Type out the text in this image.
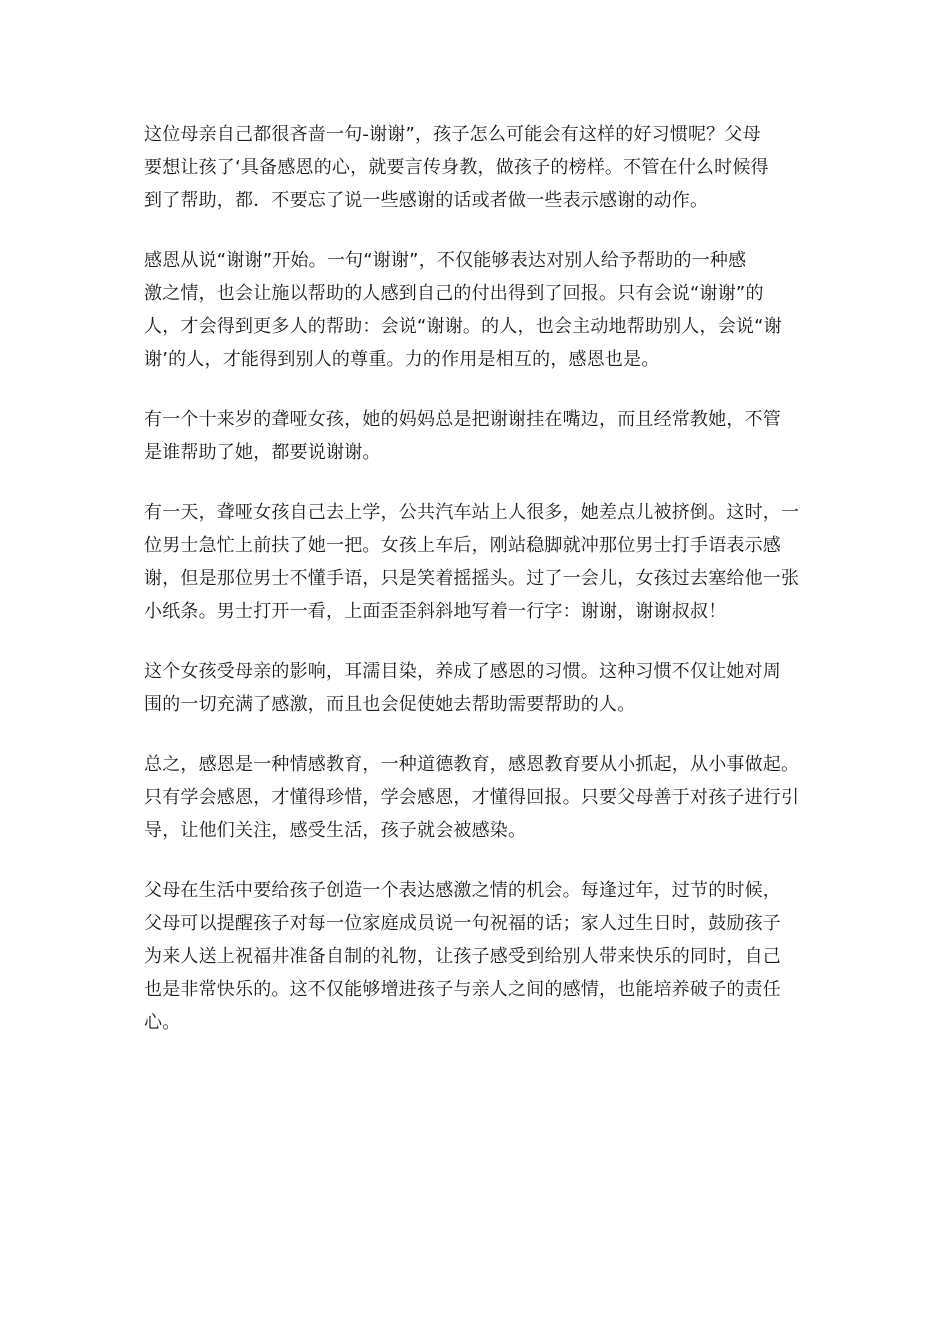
这位母亲自己都很吝啬一句-谢谢”，孩子怎么可能会有这样的好习惯呢？父母
要想让孩了‘具备感恩的心，就要言传身教，做孩子的榜样。不管在什么时候得
到了帮助，都．不要忘了说一些感谢的话或者做一些表示感谢的动作。

感恩从说“谢谢”开始。一句“谢谢”，不仅能够表达对别人给予帮助的一种感
激之情，也会让施以帮助的人感到自己的付出得到了回报。只有会说“谢谢”的
人，才会得到更多人的帮助：会说“谢谢。的人，也会主动地帮助别人，会说“谢
谢’的人，才能得到别人的尊重。力的作用是相互的，感恩也是。

有一个十来岁的聋哑女孩，她的妈妈总是把谢谢挂在嘴边，而且经常教她，不管
是谁帮助了她，都要说谢谢。

有一天，聋哑女孩自己去上学，公共汽车站上人很多，她差点儿被挤倒。这时，一
位男士急忙上前扶了她一把。女孩上车后，刚站稳脚就冲那位男士打手语表示感
谢，但是那位男士不懂手语，只是笑着摇摇头。过了一会儿，女孩过去塞给他一张
小纸条。男士打开一看，上面歪歪斜斜地写着一行字：谢谢，谢谢叔叔！

这个女孩受母亲的影响，耳濡目染，养成了感恩的习惯。这种习惯不仅让她对周
围的一切充满了感激，而且也会促使她去帮助需要帮助的人。

总之，感恩是一种情感教育，一种道德教育，感恩教育要从小抓起，从小事做起。
只有学会感恩，才懂得珍惜，学会感恩，才懂得回报。只要父母善于对孩子进行引
导，让他们关注，感受生活，孩子就会被感染。

父母在生活中要给孩子创造一个表达感激之情的机会。每逢过年，过节的时候，
父母可以提醒孩子对每一位家庭成员说一句祝福的话；家人过生日时，鼓励孩子
为来人送上祝福井准备自制的礼物，让孩子感受到给别人带来快乐的同时，自己
也是非常快乐的。这不仅能够增进孩子与亲人之间的感情，也能培养破子的责任
心。
